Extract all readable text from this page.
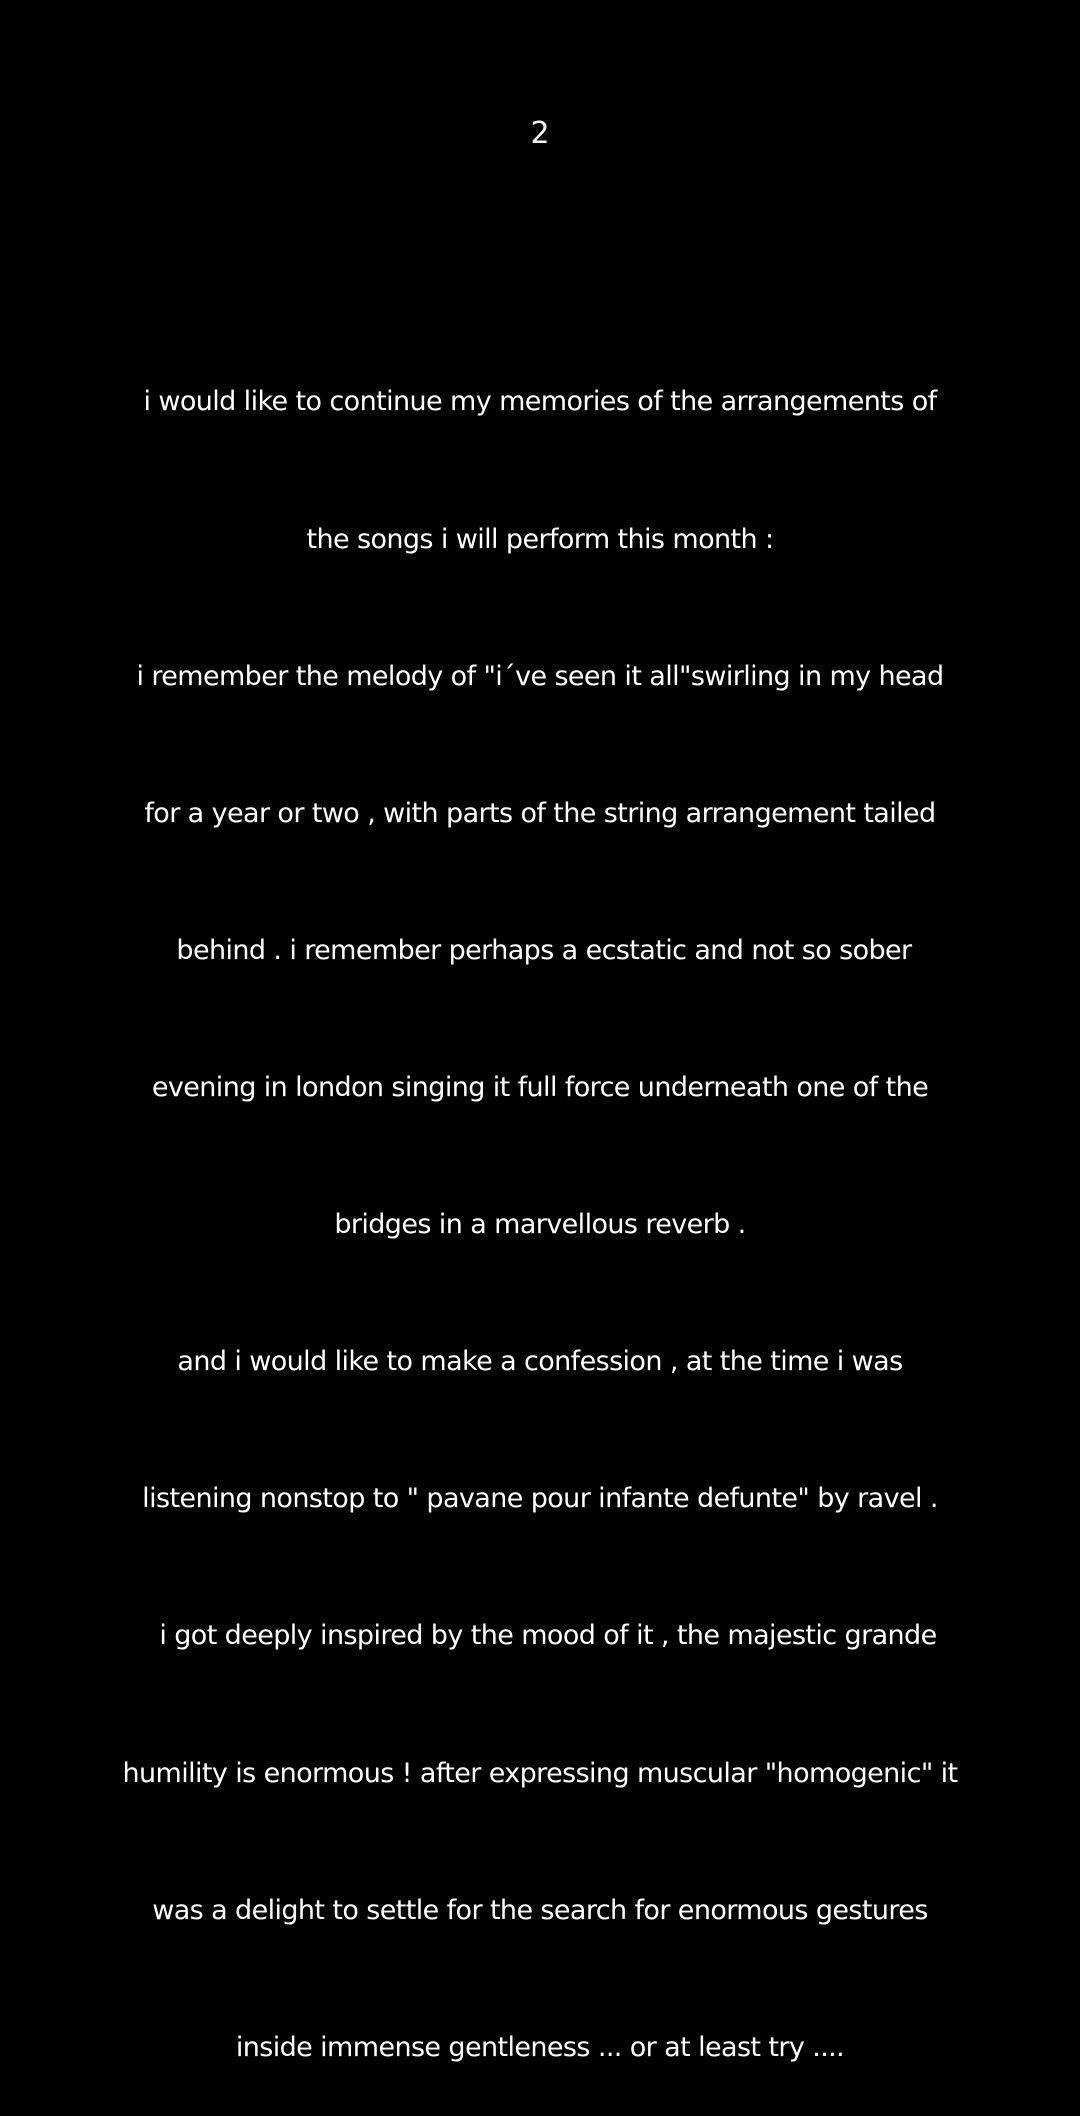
2

i would like to continue my memories of the arrangements of

the songs i will perform this month :

i remember the melody of "i´ve seen it all"swirling in my head

for a year or two , with parts of the string arrangement tailed

behind . i remember perhaps a ecstatic and not so sober

evening in london singing it full force underneath one of the

bridges in a marvellous reverb .

and i would like to make a confession , at the time i was

listening nonstop to " pavane pour infante defunte" by ravel .

i got deeply inspired by the mood of it , the majestic grande

humility is enormous ! after expressing muscular "homogenic" it

was a delight to settle for the search for enormous gestures

inside immense gentleness ... or at least try ....
